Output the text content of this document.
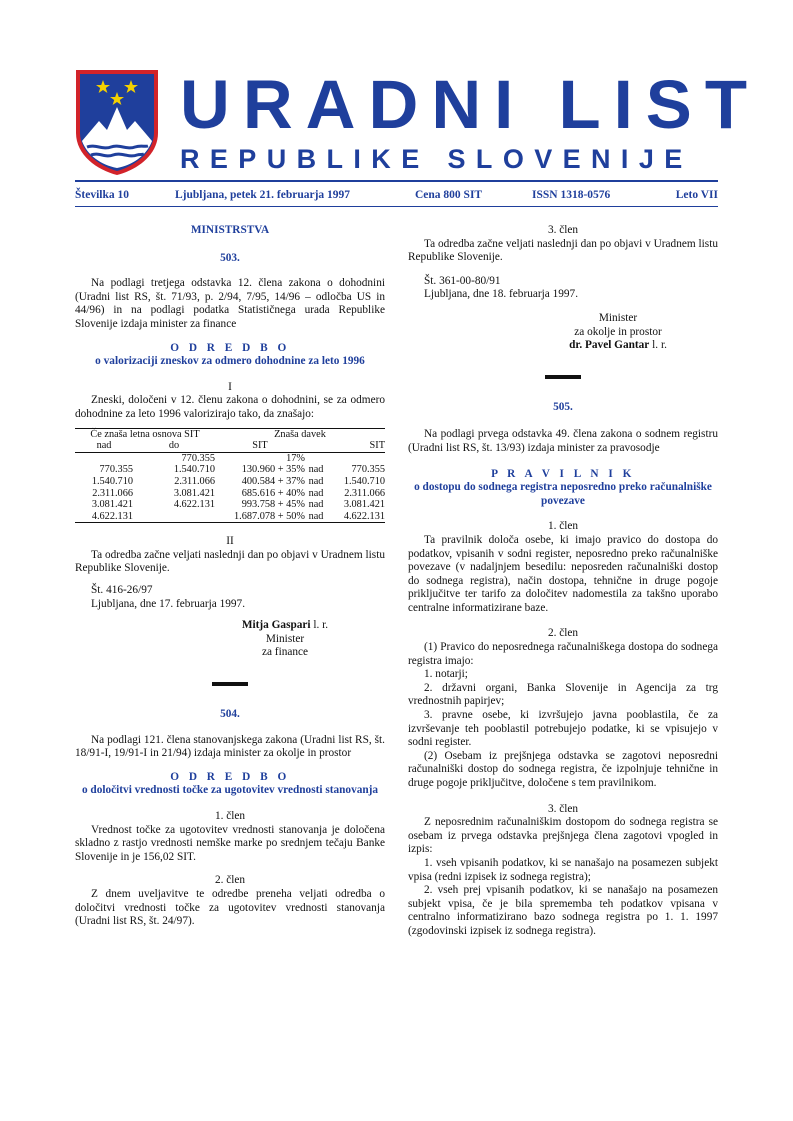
URADNI LIST
REPUBLIKE SLOVENIJE
Številka 10	Ljubljana, petek 21. februarja 1997	Cena 800 SIT	ISSN 1318-0576	Leto VII

MINISTRSTVA

503.

Na podlagi tretjega odstavka 12. člena zakona o dohodnini (Uradni list RS, št. 71/93, p. 2/94, 7/95, 14/96 – odločba US in 44/96) in na podlagi podatka Statističnega urada Republike Slovenije izdaja minister za finance

O D R E D B O

o valorizaciji zneskov za odmero dohodnine za leto 1996

I

Zneski, določeni v 12. členu zakona o dohodnini, se za odmero dohodnine za leto 1996 valorizirajo tako, da znašajo:

Če znaša letna osnova SIT		Znaša davek		
nad	do	SIT		SIT
	770.355	17%		
770.355	1.540.710	130.960 + 35%	nad	770.355
1.540.710	2.311.066	400.584 + 37%	nad	1.540.710
2.311.066	3.081.421	685.616 + 40%	nad	2.311.066
3.081.421	4.622.131	993.758 + 45%	nad	3.081.421
4.622.131		1.687.078 + 50%	nad	4.622.131

II

Ta odredba začne veljati naslednji dan po objavi v Uradnem listu Republike Slovenije.

Št. 416-26/97

Ljubljana, dne 17. februarja 1997.

Mitja Gaspari l. r.

Minister

za finance

504.

Na podlagi 121. člena stanovanjskega zakona (Uradni list RS, št. 18/91-I, 19/91-I in 21/94) izdaja minister za okolje in prostor

O D R E D B O

o določitvi vrednosti točke za ugotovitev vrednosti stanovanja

1. člen

Vrednost točke za ugotovitev vrednosti stanovanja je določena skladno z rastjo vrednosti nemške marke po srednjem tečaju Banke Slovenije in je 156,02 SIT.

2. člen

Z dnem uveljavitve te odredbe preneha veljati odredba o določitvi vrednosti točke za ugotovitev vrednosti stanovanja (Uradni list RS, št. 24/97).

3. člen

Ta odredba začne veljati naslednji dan po objavi v Uradnem listu Republike Slovenije.

Št. 361-00-80/91

Ljubljana, dne 18. februarja 1997.

Minister

za okolje in prostor

dr. Pavel Gantar l. r.

505.

Na podlagi prvega odstavka 49. člena zakona o sodnem registru (Uradni list RS, št. 13/93) izdaja minister za pravosodje

P R A V I L N I K

o dostopu do sodnega registra neposredno preko računalniške povezave

1. člen

Ta pravilnik določa osebe, ki imajo pravico do dostopa do podatkov, vpisanih v sodni register, neposredno preko računalniške povezave (v nadaljnjem besedilu: neposreden računalniški dostop do sodnega registra), način dostopa, tehnične in druge pogoje priključitve ter tarifo za določitev nadomestila za takšno uporabo centralne informatizirane baze.

2. člen

(1) Pravico do neposrednega računalniškega dostopa do sodnega registra imajo:

1. notarji;

2. državni organi, Banka Slovenije in Agencija za trg vrednostnih papirjev;

3. pravne osebe, ki izvršujejo javna pooblastila, če za izvrševanje teh pooblastil potrebujejo podatke, ki se vpisujejo v sodni register.

(2) Osebam iz prejšnjega odstavka se zagotovi neposredni računalniški dostop do sodnega registra, če izpolnjuje tehnične in druge pogoje priključitve, določene s tem pravilnikom.

3. člen

Z neposrednim računalniškim dostopom do sodnega registra se osebam iz prvega odstavka prejšnjega člena zagotovi vpogled in izpis:

1. vseh vpisanih podatkov, ki se nanašajo na posamezen subjekt vpisa (redni izpisek iz sodnega registra);

2. vseh prej vpisanih podatkov, ki se nanašajo na posamezen subjekt vpisa, če je bila sprememba teh podatkov vpisana v centralno informatizirano bazo sodnega registra po 1. 1. 1997 (zgodovinski izpisek iz sodnega registra).
